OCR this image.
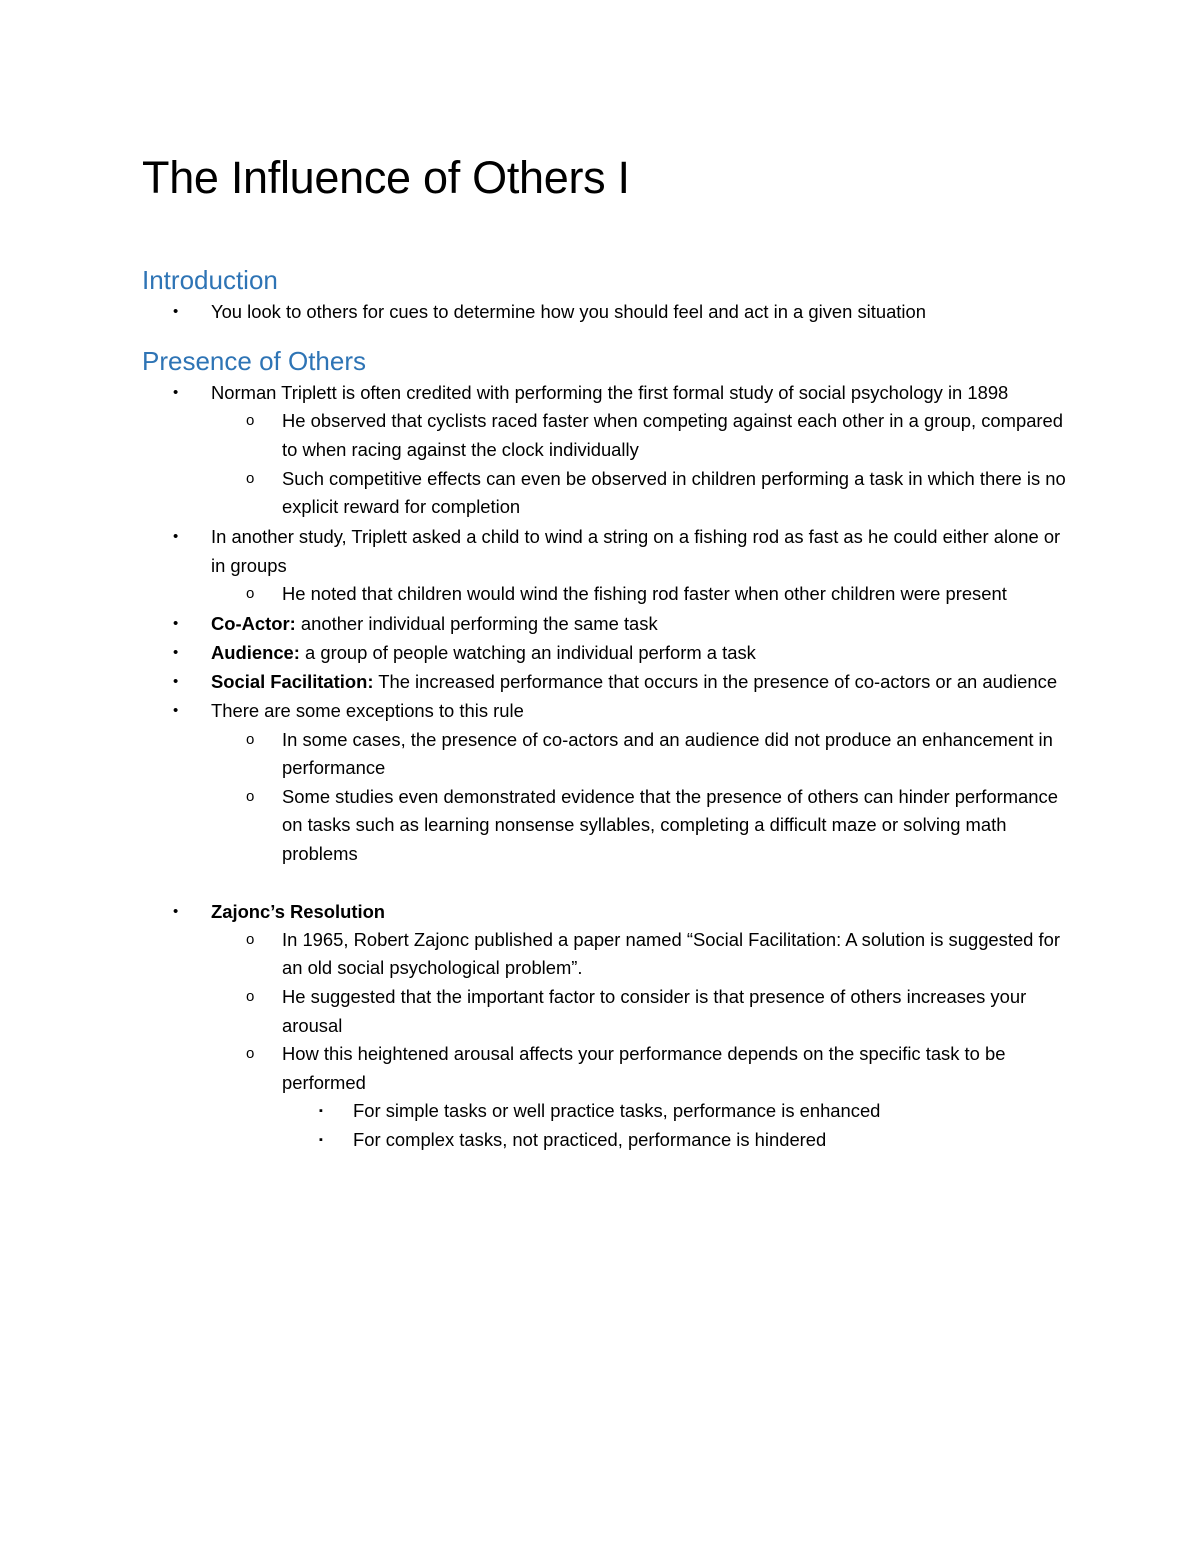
The Influence of Others I
Introduction
• You look to others for cues to determine how you should feel and act in a given situation
Presence of Others
• Norman Triplett is often credited with performing the first formal study of social psychology in 1898
o He observed that cyclists raced faster when competing against each other in a group, compared to when racing against the clock individually
o Such competitive effects can even be observed in children performing a task in which there is no explicit reward for completion
• In another study, Triplett asked a child to wind a string on a fishing rod as fast as he could either alone or in groups
o He noted that children would wind the fishing rod faster when other children were present
• Co-Actor: another individual performing the same task
• Audience: a group of people watching an individual perform a task
• Social Facilitation: The increased performance that occurs in the presence of co-actors or an audience
• There are some exceptions to this rule
o In some cases, the presence of co-actors and an audience did not produce an enhancement in performance
o Some studies even demonstrated evidence that the presence of others can hinder performance on tasks such as learning nonsense syllables, completing a difficult maze or solving math problems
• Zajonc’s Resolution
o In 1965, Robert Zajonc published a paper named “Social Facilitation: A solution is suggested for an old social psychological problem”.
o He suggested that the important factor to consider is that presence of others increases your arousal
o How this heightened arousal affects your performance depends on the specific task to be performed
▪ For simple tasks or well practice tasks, performance is enhanced
▪ For complex tasks, not practiced, performance is hindered
